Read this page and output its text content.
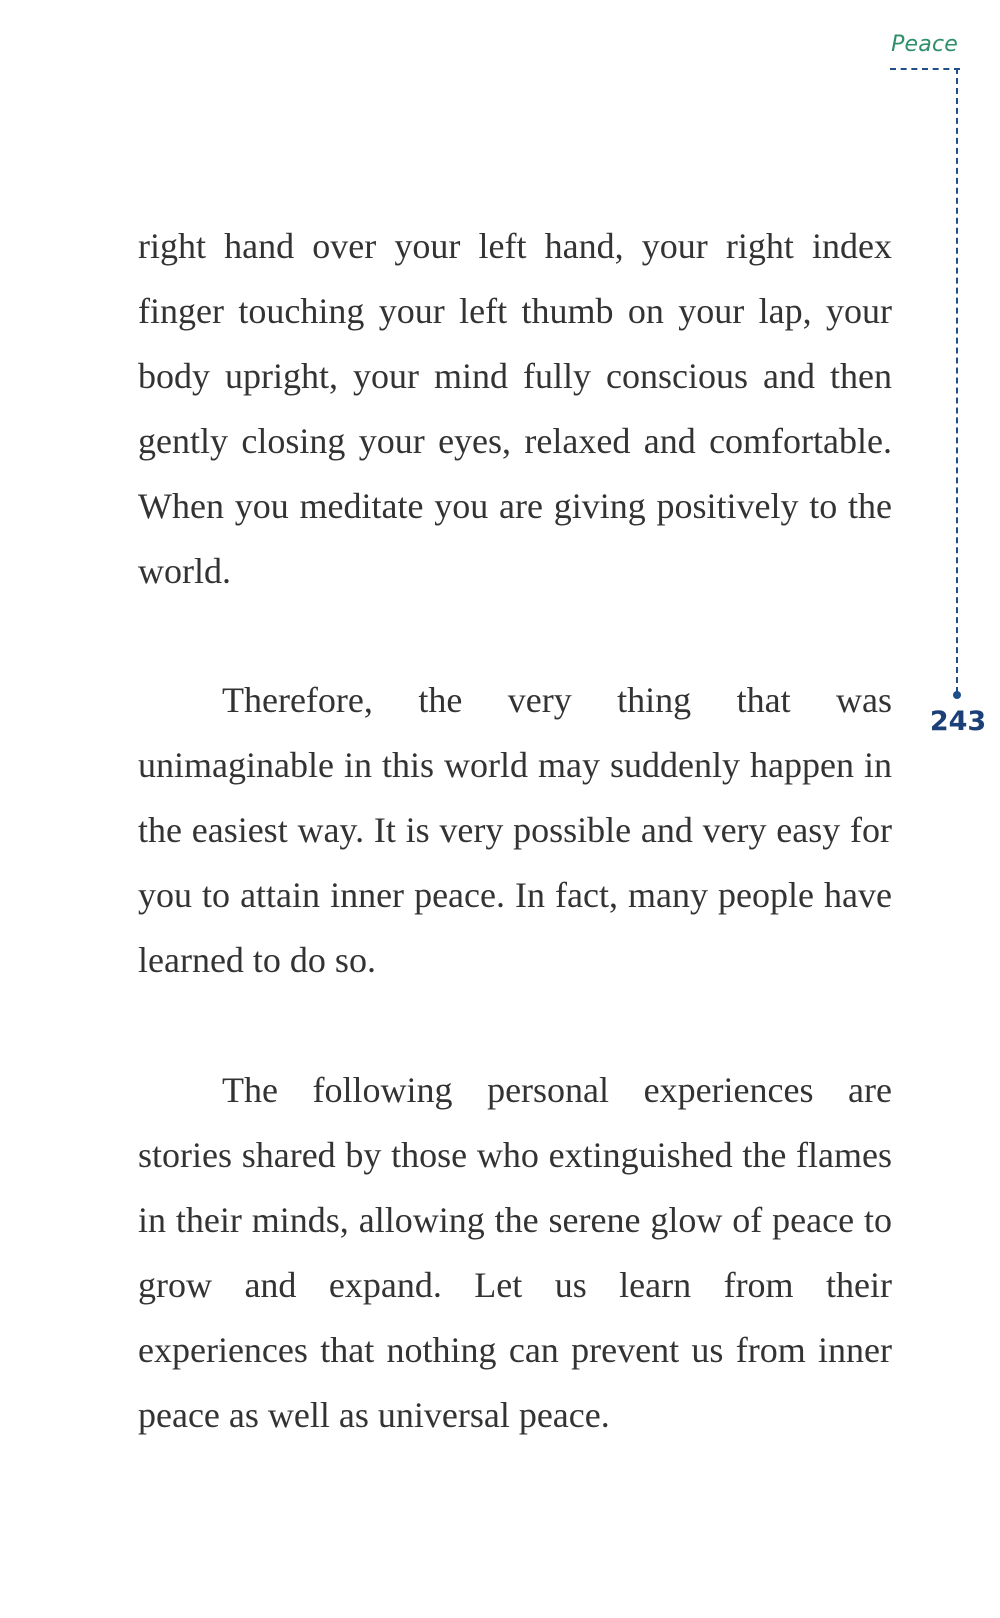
Peace
243

right hand over your left hand, your right index finger touching your left thumb on your lap, your body upright, your mind fully conscious and then gently closing your eyes, relaxed and comfortable. When you meditate you are giving positively to the world.

Therefore, the very thing that was unimaginable in this world may suddenly happen in the easiest way. It is very possible and very easy for you to attain inner peace. In fact, many people have learned to do so.

The following personal experiences are stories shared by those who extinguished the flames in their minds, allowing the serene glow of peace to grow and expand. Let us learn from their experiences that nothing can prevent us from inner peace as well as universal peace.
